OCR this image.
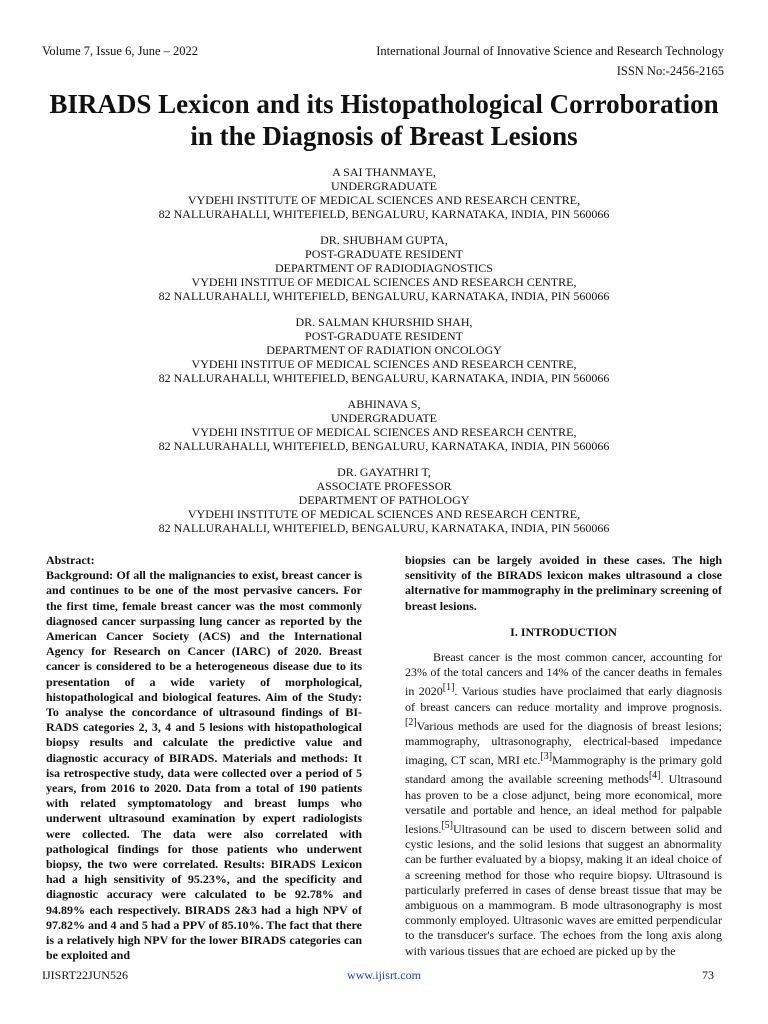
Volume 7, Issue 6, June – 2022	International Journal of Innovative Science and Research Technology
ISSN No:-2456-2165
BIRADS Lexicon and its Histopathological Corroboration in the Diagnosis of Breast Lesions
A SAI THANMAYE,
UNDERGRADUATE
VYDEHI INSTITUTE OF MEDICAL SCIENCES AND RESEARCH CENTRE,
82 NALLURAHALLI, WHITEFIELD, BENGALURU, KARNATAKA, INDIA, PIN 560066
DR. SHUBHAM GUPTA,
POST-GRADUATE RESIDENT
DEPARTMENT OF RADIODIAGNOSTICS
VYDEHI INSTITUE OF MEDICAL SCIENCES AND RESEARCH CENTRE,
82 NALLURAHALLI, WHITEFIELD, BENGALURU, KARNATAKA, INDIA, PIN 560066
DR. SALMAN KHURSHID SHAH,
POST-GRADUATE RESIDENT
DEPARTMENT OF RADIATION ONCOLOGY
VYDEHI INSTITUE OF MEDICAL SCIENCES AND RESEARCH CENTRE,
82 NALLURAHALLI, WHITEFIELD, BENGALURU, KARNATAKA, INDIA, PIN 560066
ABHINAVA S,
UNDERGRADUATE
VYDEHI INSTITUE OF MEDICAL SCIENCES AND RESEARCH CENTRE,
82 NALLURAHALLI, WHITEFIELD, BENGALURU, KARNATAKA, INDIA, PIN 560066
DR. GAYATHRI T,
ASSOCIATE PROFESSOR
DEPARTMENT OF PATHOLOGY
VYDEHI INSTITUTE OF MEDICAL SCIENCES AND RESEARCH CENTRE,
82 NALLURAHALLI, WHITEFIELD, BENGALURU, KARNATAKA, INDIA, PIN 560066
Abstract:
Background: Of all the malignancies to exist, breast cancer is and continues to be one of the most pervasive cancers. For the first time, female breast cancer was the most commonly diagnosed cancer surpassing lung cancer as reported by the American Cancer Society (ACS) and the International Agency for Research on Cancer (IARC) of 2020. Breast cancer is considered to be a heterogeneous disease due to its presentation of a wide variety of morphological, histopathological and biological features. Aim of the Study: To analyse the concordance of ultrasound findings of BI-RADS categories 2, 3, 4 and 5 lesions with histopathological biopsy results and calculate the predictive value and diagnostic accuracy of BIRADS. Materials and methods: It isa retrospective study, data were collected over a period of 5 years, from 2016 to 2020. Data from a total of 190 patients with related symptomatology and breast lumps who underwent ultrasound examination by expert radiologists were collected. The data were also correlated with pathological findings for those patients who underwent biopsy, the two were correlated. Results: BIRADS Lexicon had a high sensitivity of 95.23%, and the specificity and diagnostic accuracy were calculated to be 92.78% and 94.89% each respectively. BIRADS 2&3 had a high NPV of 97.82% and 4 and 5 had a PPV of 85.10%. The fact that there is a relatively high NPV for the lower BIRADS categories can be exploited and
biopsies can be largely avoided in these cases. The high sensitivity of the BIRADS lexicon makes ultrasound a close alternative for mammography in the preliminary screening of breast lesions.
I. INTRODUCTION
Breast cancer is the most common cancer, accounting for 23% of the total cancers and 14% of the cancer deaths in females in 2020[1]. Various studies have proclaimed that early diagnosis of breast cancers can reduce mortality and improve prognosis.[2]Various methods are used for the diagnosis of breast lesions; mammography, ultrasonography, electrical-based impedance imaging, CT scan, MRI etc.[3]Mammography is the primary gold standard among the available screening methods[4]. Ultrasound has proven to be a close adjunct, being more economical, more versatile and portable and hence, an ideal method for palpable lesions.[5]Ultrasound can be used to discern between solid and cystic lesions, and the solid lesions that suggest an abnormality can be further evaluated by a biopsy, making it an ideal choice of a screening method for those who require biopsy. Ultrasound is particularly preferred in cases of dense breast tissue that may be ambiguous on a mammogram. B mode ultrasonography is most commonly employed. Ultrasonic waves are emitted perpendicular to the transducer's surface. The echoes from the long axis along with various tissues that are echoed are picked up by the
IJISRT22JUN526	www.ijisrt.com	73
